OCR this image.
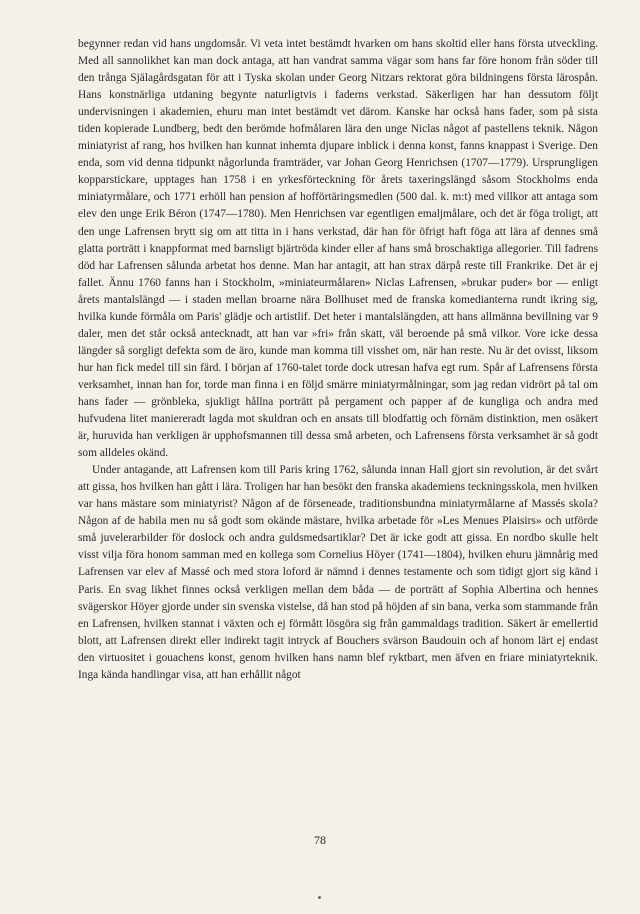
begynner redan vid hans ungdomsår. Vi veta intet bestämdt hvarken om hans skoltid eller hans första utveckling. Med all sannolikhet kan man dock antaga, att han vandrat samma vägar som hans far före honom från söder till den trånga Själagårdsgatan för att i Tyska skolan under Georg Nitzars rektorat göra bildningens första lärospån. Hans konstnärliga utdaning begynte naturligtvis i faderns verkstad. Säkerligen har han dessutom följt undervisningen i akademien, ehuru man intet bestämdt vet därom. Kanske har också hans fader, som på sista tiden kopierade Lundberg, bedt den berömde hofmålaren lära den unge Niclas något af pastellens teknik. Någon miniatyrist af rang, hos hvilken han kunnat inhemta djupare inblick i denna konst, fanns knappast i Sverige. Den enda, som vid denna tidpunkt någorlunda framträder, var Johan Georg Henrichsen (1707—1779). Ursprungligen kopparstickare, upptages han 1758 i en yrkesförteckning för årets taxeringslängd såsom Stockholms enda miniatyrmålare, och 1771 erhöll han pension af hofförtäringsmedlen (500 dal. k. m:t) med villkor att antaga som elev den unge Erik Béron (1747—1780). Men Henrichsen var egentligen emaljmålare, och det är föga troligt, att den unge Lafrensen brytt sig om att titta in i hans verkstad, där han för öfrigt haft föga att lära af dennes små glatta porträtt i knappformat med barnsligt bjärtröda kinder eller af hans små broschaktiga allegorier. Till fadrens död har Lafrensen sålunda arbetat hos denne. Man har antagit, att han strax därpå reste till Frankrike. Det är ej fallet. Ännu 1760 fanns han i Stockholm, »miniateurmålaren» Niclas Lafrensen, »brukar puder» bor — enligt årets mantalslängd — i staden mellan broarne nära Bollhuset med de franska komedianterna rundt ikring sig, hvilka kunde förmåla om Paris' glädje och artistlif. Det heter i mantalslängden, att hans allmänna bevillning var 9 daler, men det står också antecknadt, att han var »fri» från skatt, väl beroende på små vilkor. Vore icke dessa längder så sorgligt defekta som de äro, kunde man komma till visshet om, när han reste. Nu är det ovisst, liksom hur han fick medel till sin färd. I början af 1760-talet torde dock utresan hafva egt rum. Spår af Lafrensens första verksamhet, innan han for, torde man finna i en följd smärre miniatyrmålningar, som jag redan vidrört på tal om hans fader — grönbleka, sjukligt hållna porträtt på pergament och papper af de kungliga och andra med hufvudena litet maniereradt lagda mot skuldran och en ansats till blodfattig och förnäm distinktion, men osäkert är, huruvida han verkligen är upphofsmannen till dessa små arbeten, och Lafrensens första verksamhet är så godt som alldeles okänd.

Under antagande, att Lafrensen kom till Paris kring 1762, sålunda innan Hall gjort sin revolution, är det svårt att gissa, hos hvilken han gått i lära. Troligen har han besökt den franska akademiens teckningsskola, men hvilken var hans mästare som miniatyrist? Någon af de förseneade, traditionsbundna miniatyrmålarne af Massés skola? Någon af de habila men nu så godt som okände mästare, hvilka arbetade för »Les Menues Plaisirs» och utförde små juvelerarbilder för doslock och andra guldsmedsartiklar? Det är icke godt att gissa. En nordbo skulle helt visst vilja föra honom samman med en kollega som Cornelius Höyer (1741—1804), hvilken ehuru jämnårig med Lafrensen var elev af Massé och med stora loford är nämnd i dennes testamente och som tidigt gjort sig känd i Paris. En svag likhet finnes också verkligen mellan dem båda — de porträtt af Sophia Albertina och hennes svägerskor Höyer gjorde under sin svenska vistelse, då han stod på höjden af sin bana, verka som stammande från en Lafrensen, hvilken stannat i växten och ej förmått lösgöra sig från gammaldags tradition. Säkert är emellertid blott, att Lafrensen direkt eller indirekt tagit intryck af Bouchers svärson Baudouin och af honom lärt ej endast den virtuositet i gouachens konst, genom hvilken hans namn blef ryktbart, men äfven en friare miniatyrteknik. Inga kända handlingar visa, att han erhållit något

78
